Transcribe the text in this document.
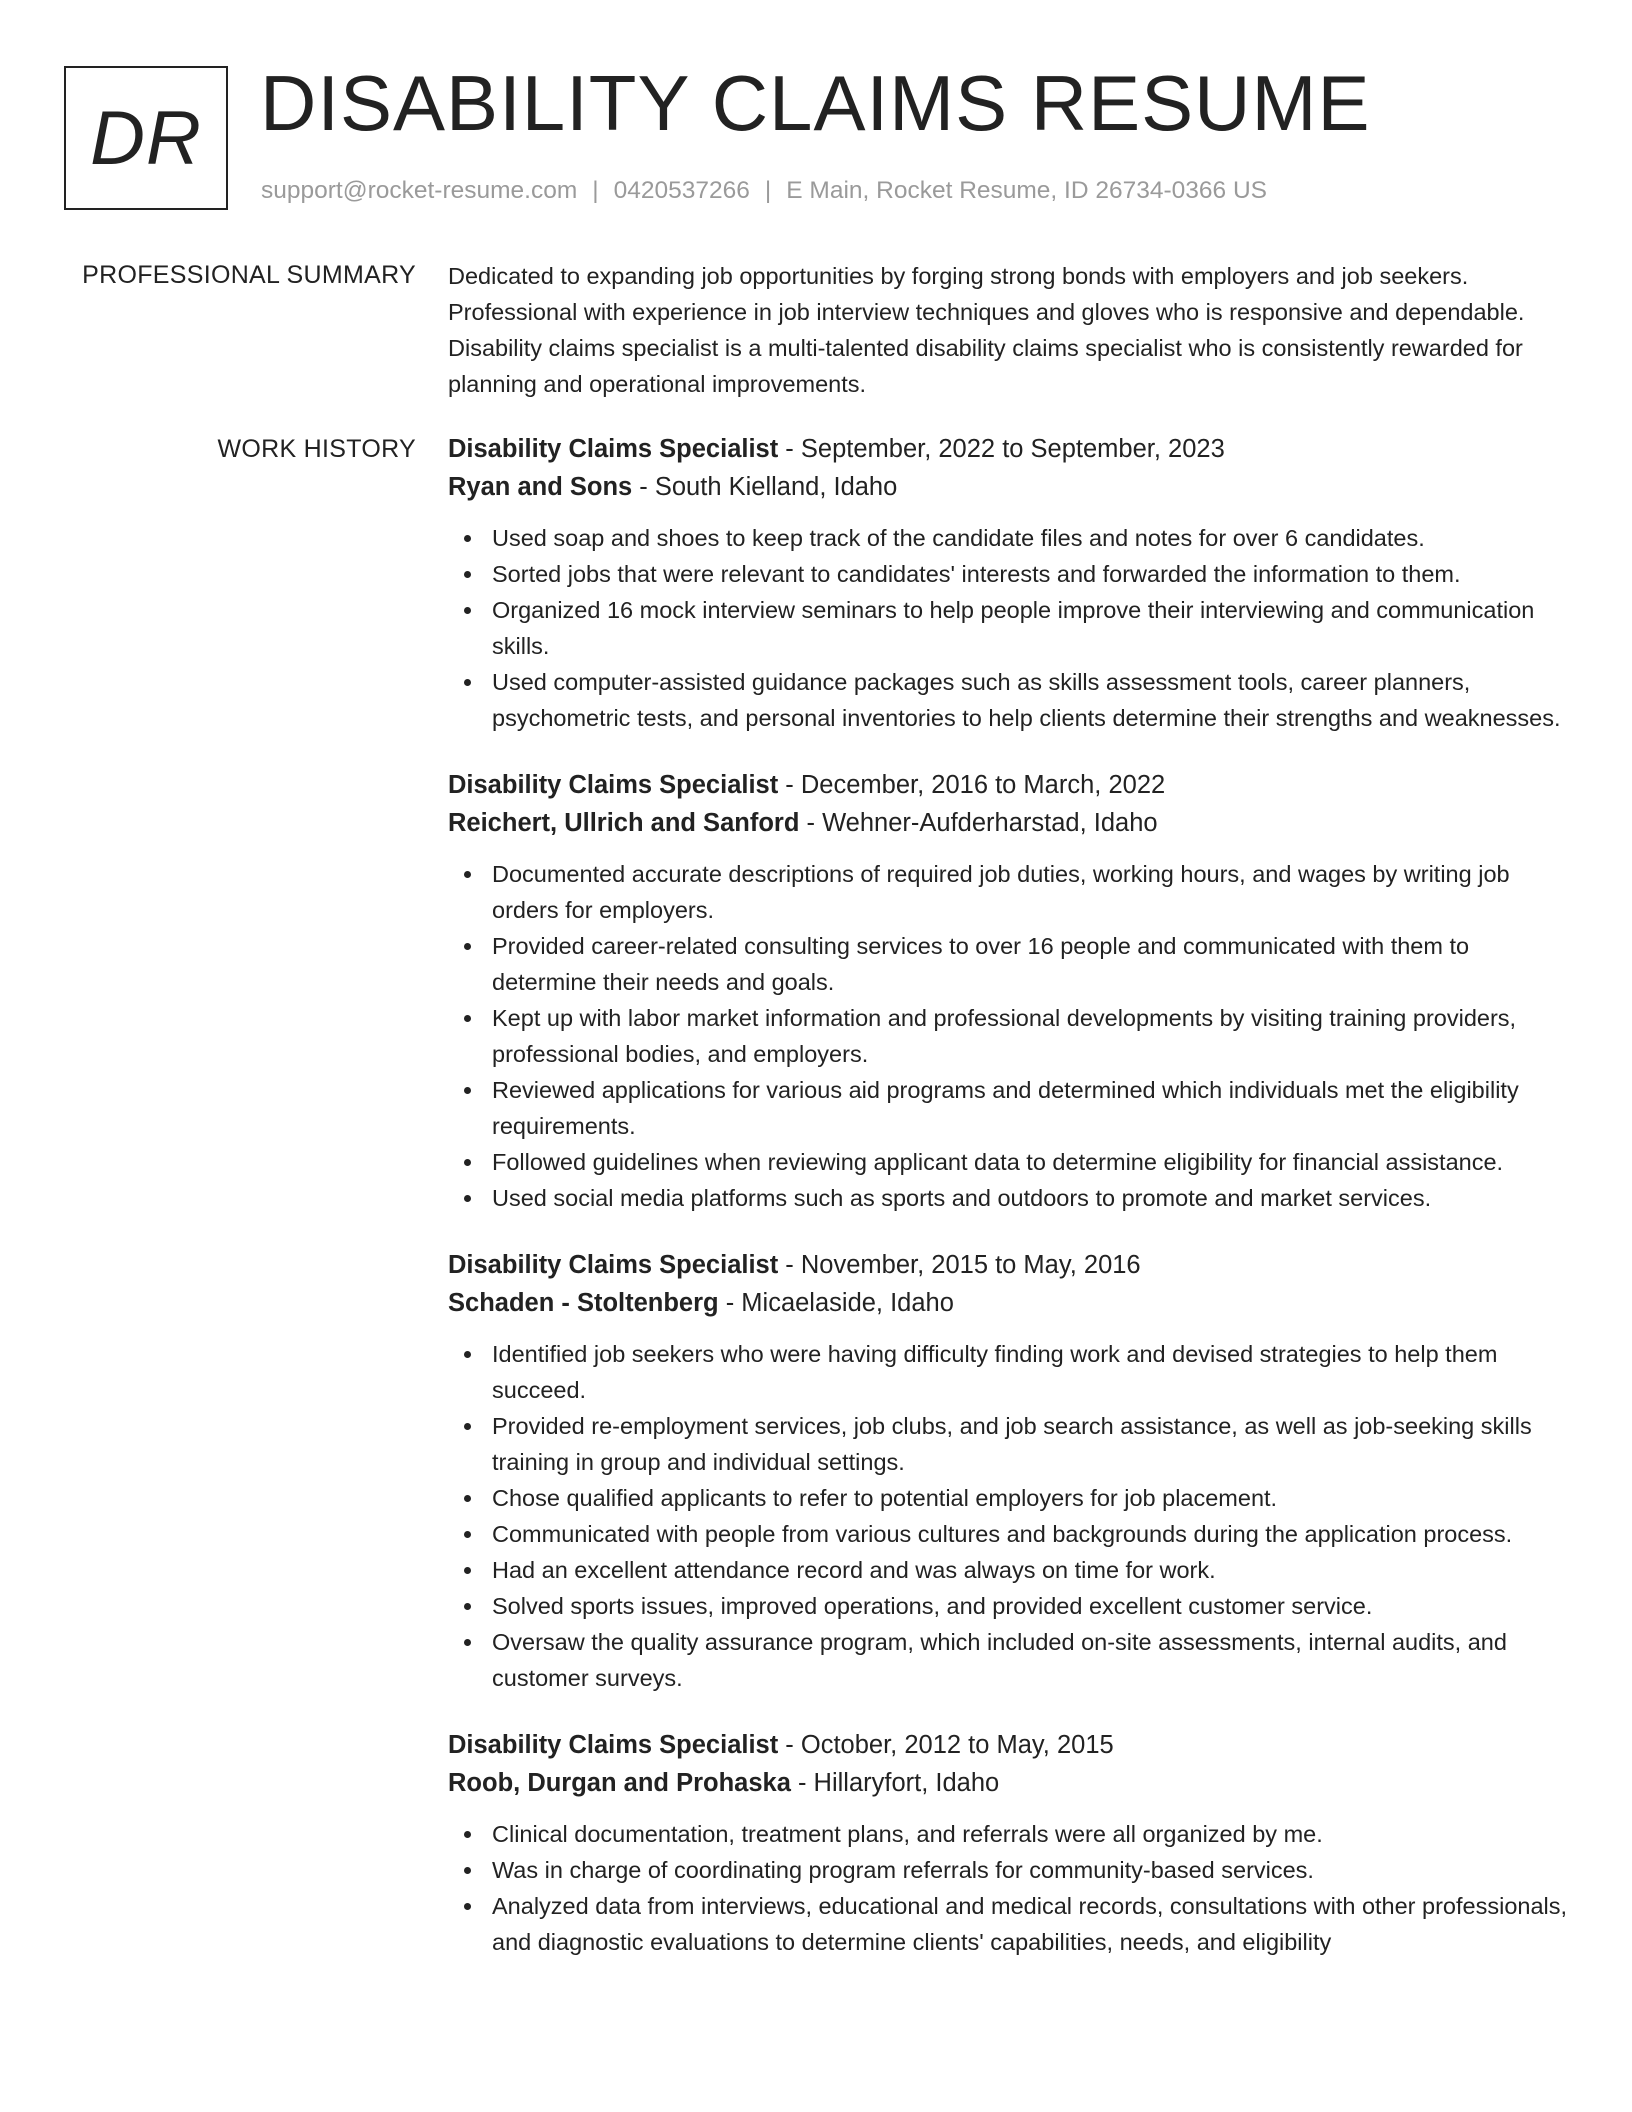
DR DISABILITY CLAIMS RESUME
support@rocket-resume.com | 0420537266 | E Main, Rocket Resume, ID 26734-0366 US
PROFESSIONAL SUMMARY Dedicated to expanding job opportunities by forging strong bonds with employers and job seekers. Professional with experience in job interview techniques and gloves who is responsive and dependable. Disability claims specialist is a multi-talented disability claims specialist who is consistently rewarded for planning and operational improvements.

WORK HISTORY Disability Claims Specialist - September, 2022 to September, 2023
Ryan and Sons - South Kielland, Idaho
Used soap and shoes to keep track of the candidate files and notes for over 6 candidates.
Sorted jobs that were relevant to candidates' interests and forwarded the information to them.
Organized 16 mock interview seminars to help people improve their interviewing and communication skills.
Used computer-assisted guidance packages such as skills assessment tools, career planners, psychometric tests, and personal inventories to help clients determine their strengths and weaknesses.
Disability Claims Specialist - December, 2016 to March, 2022
Reichert, Ullrich and Sanford - Wehner-Aufderharstad, Idaho
Documented accurate descriptions of required job duties, working hours, and wages by writing job orders for employers.
Provided career-related consulting services to over 16 people and communicated with them to determine their needs and goals.
Kept up with labor market information and professional developments by visiting training providers, professional bodies, and employers.
Reviewed applications for various aid programs and determined which individuals met the eligibility requirements.
Followed guidelines when reviewing applicant data to determine eligibility for financial assistance.
Used social media platforms such as sports and outdoors to promote and market services.
Disability Claims Specialist - November, 2015 to May, 2016
Schaden - Stoltenberg - Micaelaside, Idaho
Identified job seekers who were having difficulty finding work and devised strategies to help them succeed.
Provided re-employment services, job clubs, and job search assistance, as well as job-seeking skills training in group and individual settings.
Chose qualified applicants to refer to potential employers for job placement.
Communicated with people from various cultures and backgrounds during the application process.
Had an excellent attendance record and was always on time for work.
Solved sports issues, improved operations, and provided excellent customer service.
Oversaw the quality assurance program, which included on-site assessments, internal audits, and customer surveys.
Disability Claims Specialist - October, 2012 to May, 2015
Roob, Durgan and Prohaska - Hillaryfort, Idaho
Clinical documentation, treatment plans, and referrals were all organized by me.
Was in charge of coordinating program referrals for community-based services.
Analyzed data from interviews, educational and medical records, consultations with other professionals, and diagnostic evaluations to determine clients' capabilities, needs, and eligibility
